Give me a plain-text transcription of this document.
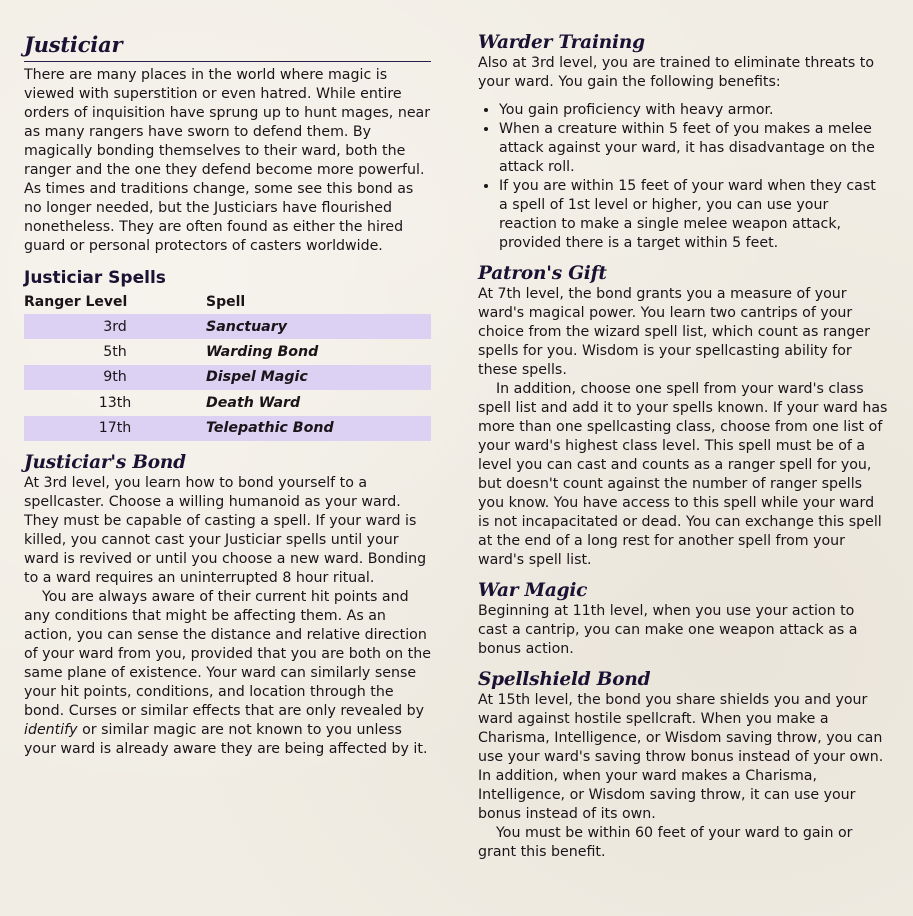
Justiciar

There are many places in the world where magic is viewed with superstition or even hatred. While entire orders of inquisition have sprung up to hunt mages, near as many rangers have sworn to defend them. By magically bonding themselves to their ward, both the ranger and the one they defend become more powerful. As times and traditions change, some see this bond as no longer needed, but the Justiciars have flourished nonetheless. They are often found as either the hired guard or personal protectors of casters worldwide.

Justiciar Spells
Ranger Level	Spell
3rd	Sanctuary
5th	Warding Bond
9th	Dispel Magic
13th	Death Ward
17th	Telepathic Bond
Justiciar's Bond

At 3rd level, you learn how to bond yourself to a spellcaster. Choose a willing humanoid as your ward. They must be capable of casting a spell. If your ward is killed, you cannot cast your Justiciar spells until your ward is revived or until you choose a new ward. Bonding to a ward requires an uninterrupted 8 hour ritual.

You are always aware of their current hit points and any conditions that might be affecting them. As an action, you can sense the distance and relative direction of your ward from you, provided that you are both on the same plane of existence. Your ward can similarly sense your hit points, conditions, and location through the bond. Curses or similar effects that are only revealed by identify or similar magic are not known to you unless your ward is already aware they are being affected by it.

Warder Training

Also at 3rd level, you are trained to eliminate threats to your ward. You gain the following benefits:

• You gain proficiency with heavy armor.
• When a creature within 5 feet of you makes a melee attack against your ward, it has disadvantage on the attack roll.
• If you are within 15 feet of your ward when they cast a spell of 1st level or higher, you can use your reaction to make a single melee weapon attack, provided there is a target within 5 feet.
Patron's Gift

At 7th level, the bond grants you a measure of your ward's magical power. You learn two cantrips of your choice from the wizard spell list, which count as ranger spells for you. Wisdom is your spellcasting ability for these spells.

In addition, choose one spell from your ward's class spell list and add it to your spells known. If your ward has more than one spellcasting class, choose from one list of your ward's highest class level. This spell must be of a level you can cast and counts as a ranger spell for you, but doesn't count against the number of ranger spells you know. You have access to this spell while your ward is not incapacitated or dead. You can exchange this spell at the end of a long rest for another spell from your ward's spell list.

War Magic

Beginning at 11th level, when you use your action to cast a cantrip, you can make one weapon attack as a bonus action.

Spellshield Bond

At 15th level, the bond you share shields you and your ward against hostile spellcraft. When you make a Charisma, Intelligence, or Wisdom saving throw, you can use your ward's saving throw bonus instead of your own. In addition, when your ward makes a Charisma, Intelligence, or Wisdom saving throw, it can use your bonus instead of its own.

You must be within 60 feet of your ward to gain or grant this benefit.
